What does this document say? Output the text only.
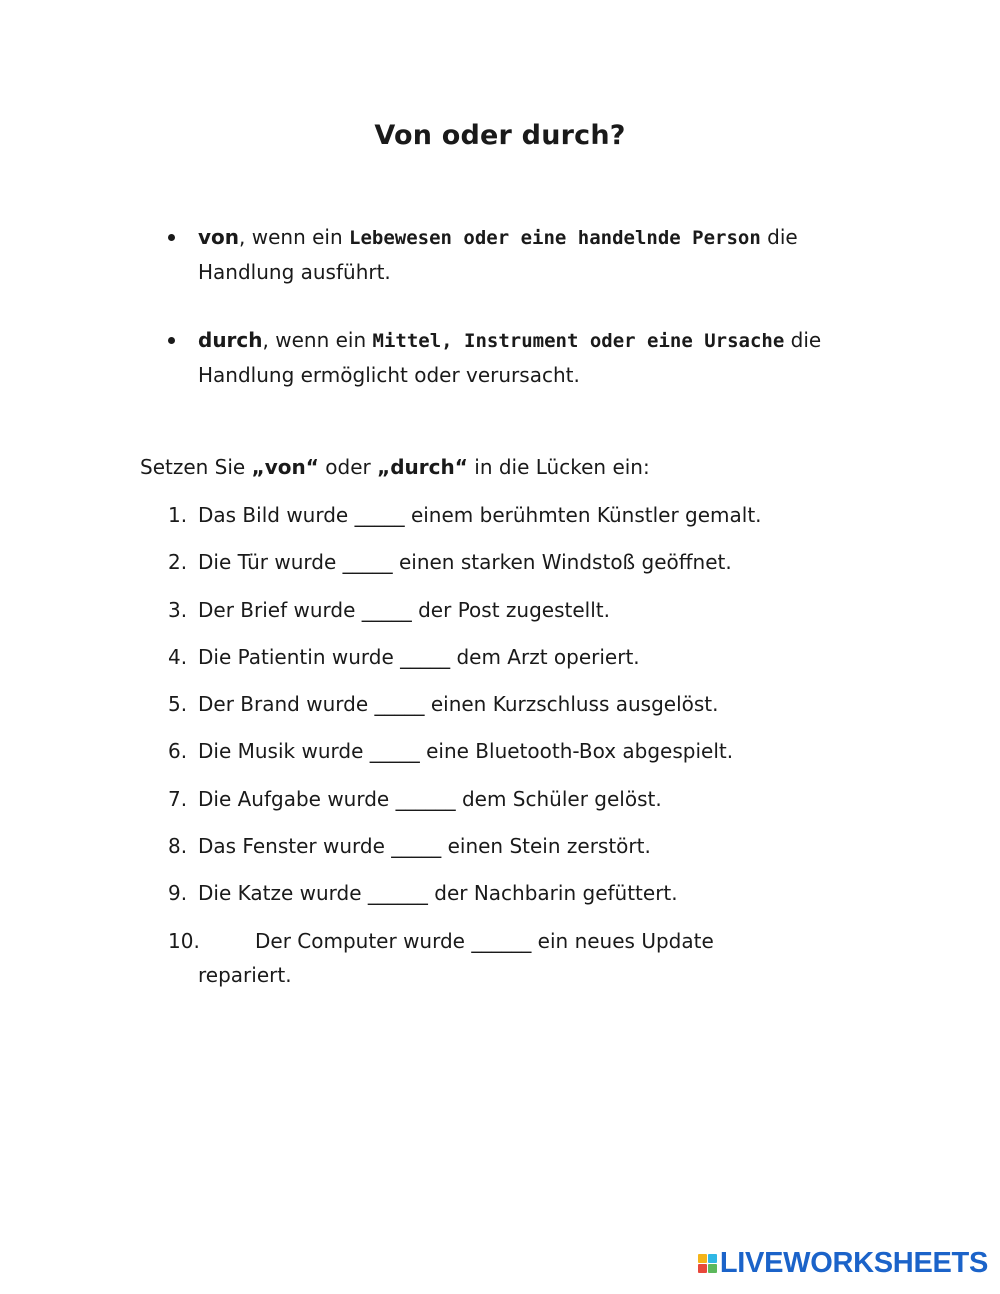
Von oder durch?
von, wenn ein Lebewesen oder eine handelnde Person die
Handlung ausführt.
durch, wenn ein Mittel, Instrument oder eine Ursache die
Handlung ermöglicht oder verursacht.
Setzen Sie „von“ oder „durch“ in die Lücken ein:
1. Das Bild wurde _____ einem berühmten Künstler gemalt.
2. Die Tür wurde _____ einen starken Windstoß geöffnet.
3. Der Brief wurde _____ der Post zugestellt.
4. Die Patientin wurde _____ dem Arzt operiert.
5. Der Brand wurde _____ einen Kurzschluss ausgelöst.
6. Die Musik wurde _____ eine Bluetooth-Box abgespielt.
7. Die Aufgabe wurde ______ dem Schüler gelöst.
8. Das Fenster wurde _____ einen Stein zerstört.
9. Die Katze wurde ______ der Nachbarin gefüttert.
10.	Der Computer wurde ______ ein neues Update
repariert.
LIVEWORKSHEETS
